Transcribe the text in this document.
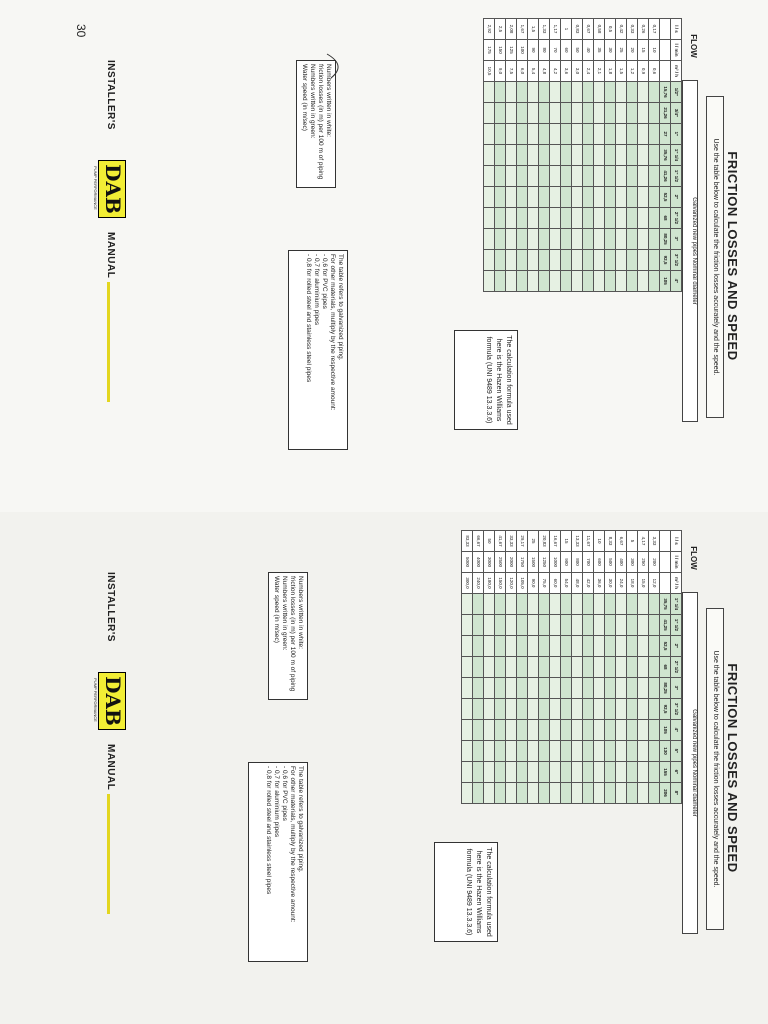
FRICTION LOSSES AND SPEED
Use the table below to calculate the friction losses accurately and the speed.
FLOW
Galvanized new pipes Nominal diameter
l / s	l / min	m³ / h	1/2"	3/4"	1"	1" 1/4	1" 1/2	2"	2" 1/2	3"	3" 1/2	4"
			15,76	21,26	27	35,76	41,26	52,5	68	80,25	92,5	105
0,17	10	0,6										
0,26	15	0,9										
0,33	20	1,2										
0,42	25	1,5										
0,5	30	1,8										
0,58	35	2,1										
0,67	40	2,4										
0,83	50	3,0										
1	60	3,6										
1,17	70	4,2										
1,33	80	4,8										
1,5	90	5,4										
1,67	100	6,0										
2,08	125	7,5										
2,5	150	9,0										
2,92	175	10,5										
The calculation formula used here is the Hazen Williams formula (UNI 9489 13.3.3.6)
Numbers written in white:
friction losses (in m) per 100 m of piping
Numbers written in green:
Water speed (in m/sec)
The table refers to galvanized piping.
For other materials, multiply by the respective amount:
- 0,6 for PVC pipes
- 0,7 for aluminium pipes
- 0,8 for rolled steel and stainless steel pipes
30
INSTALLER'S
DAB
PUMP PERFORMANCE
MANUAL
FRICTION LOSSES AND SPEED
Use the table below to calculate the friction losses accurately and the speed.
FLOW
Galvanized new pipes Nominal diameter
l / s	l / min	m³ / h	1" 1/4	1" 1/2	2"	2" 1/2	3"	3" 1/2	4"	5"	6"	8"
			35,75	41,25	52,5	68	80,25	92,5	105	130	155	206
3,33	200	12,0										
4,17	250	15,0										
5	300	18,0										
6,67	400	24,0										
8,33	500	30,0										
10	600	36,0										
11,67	700	42,0										
13,33	800	48,0										
15	900	54,0										
16,67	1000	60,0										
20,83	1250	75,0										
25	1500	90,0										
29,17	1750	105,0										
33,33	2000	120,0										
41,67	2500	150,0										
50	3000	180,0										
66,67	4000	240,0										
83,33	5000	300,0										
The calculation formula used here is the Hazen Williams formula (UNI 9489 13.3.3.6)
Numbers written in white:
friction losses (in m) per 100 m of piping
Numbers written in green:
Water speed (in m/sec)
The table refers to galvanized piping.
For other materials, multiply by the respective amount:
- 0,6 for PVC pipes
- 0,7 for aluminium pipes
- 0,8 for rolled steel and stainless steel pipes
INSTALLER'S
DAB
PUMP PERFORMANCE
MANUAL
